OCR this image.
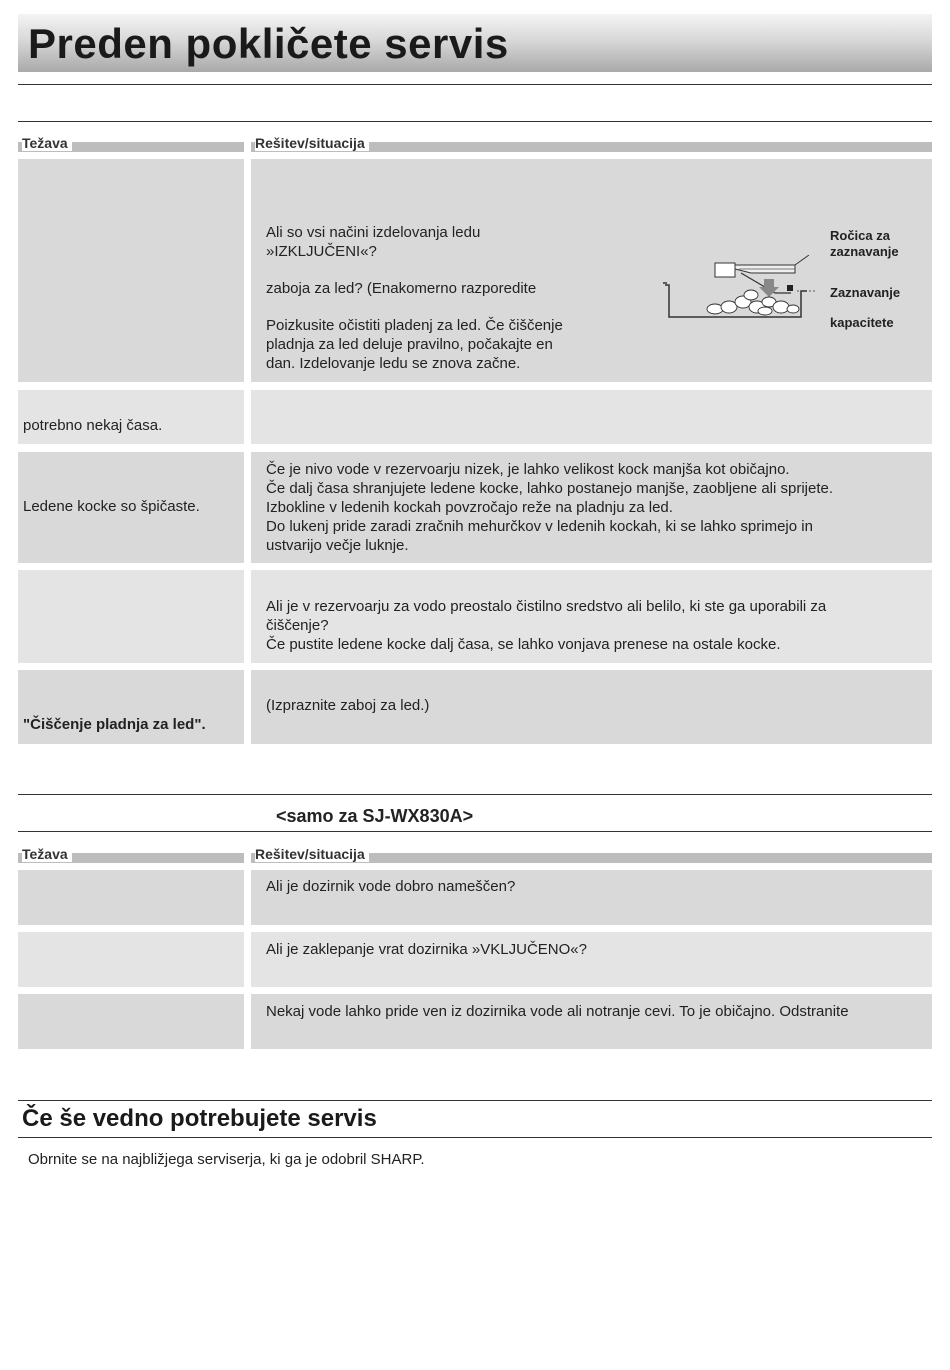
Preden pokličete servis
Težava	Rešitev/situacija
Ali so vsi načini izdelovanja ledu
»IZKLJUČENI«?
zaboja za led? (Enakomerno razporedite
Poizkusite očistiti pladenj za led. Če čiščenje
pladnja za led deluje pravilno, počakajte en
dan. Izdelovanje ledu se znova začne.
Ročica za
zaznavanje
Zaznavanje
kapacitete
potrebno nekaj časa.
Ledene kocke so špičaste.
Če je nivo vode v rezervoarju nizek, je lahko velikost kock manjša kot običajno.
Če dalj časa shranjujete ledene kocke, lahko postanejo manjše, zaobljene ali sprijete.
Izbokline v ledenih kockah povzročajo reže na pladnju za led.
Do lukenj pride zaradi zračnih mehurčkov v ledenih kockah, ki se lahko sprimejo in
ustvarijo večje luknje.
Ali je v rezervoarju za vodo preostalo čistilno sredstvo ali belilo, ki ste ga uporabili za
čiščenje?
Če pustite ledene kocke dalj časa, se lahko vonjava prenese na ostale kocke.
"Čiščenje pladnja za led".
(Izpraznite zaboj za led.)
<samo za SJ-WX830A>
Težava	Rešitev/situacija
Ali je dozirnik vode dobro nameščen?
Ali je zaklepanje vrat dozirnika »VKLJUČENO«?
Nekaj vode lahko pride ven iz dozirnika vode ali notranje cevi. To je običajno. Odstranite
Če še vedno potrebujete servis
Obrnite se na najbližjega serviserja, ki ga je odobril SHARP.
